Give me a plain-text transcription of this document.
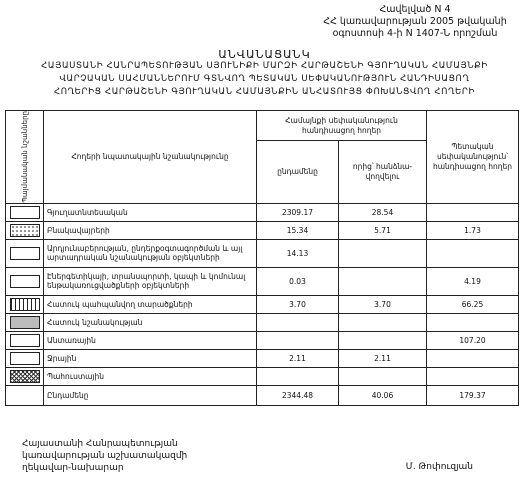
Հավելված N 4
ՀՀ կառավարության 2005 թվականի
օգոստոսի 4-ի N 1407-Ն որոշման
ԱՆՎԱՆԱՑԱՆԿ
ՀԱՅԱՍՏԱՆԻ ՀԱՆՐԱՊԵՏՈՒԹՅԱՆ ՍՅՈՒՆԻՔԻ ՄԱՐԶԻ ՀԱՐԹԱՇԵՆԻ ԳՅՈՒՂԱԿԱՆ ՀԱՄԱՅՆՔԻ
ՎԱՐՉԱԿԱՆ ՍԱՀՄԱՆՆԵՐՈՒՄ ԳՏՆՎՈՂ ՊԵՏԱԿԱՆ ՍԵՓԱԿԱՆՈՒԹՅՈՒՆ ՀԱՆԴԻՍԱՑՈՂ
ՀՈՂԵՐԻՑ ՀԱՐԹԱՇԵՆԻ ԳՅՈՒՂԱԿԱՆ ՀԱՄԱՅՆՔԻՆ ԱՆՀԱՏՈՒՅՑ ՓՈԽԱՆՑՎՈՂ ՀՈՂԵՐԻ
Պայմանական նշանները	Հողերի նպատակային նշանակությունը	Համայնքի սեփականություն հանդիսացող հողեր		Պետական սեփականություն՝ հանդիսացող հողեր
		ընդամենը	որից՝ հանձնա-վողվելու	
	Գյուղատնտեսական	2309.17	28.54	
	Բնակավայրերի	15.34	5.71	1.73
	Արդյունաբերության, ընդերքօգտագործման և այլ արտադրական նշանակության օբյեկտների	14.13		
	Էներգետիկայի, տրանսպորտի, կապի և կոմունալ ենթակառուցվածքների օբյեկտների	0.03		4.19
	Հատուկ պահպանվող տարածքների	3.70	3.70	66.25
	Հատուկ նշանակության			
	Անտառային			107.20
	Ջրային	2.11	2.11	
	Պահուստային			
	Ընդամենը	2344.48	40.06	179.37
Հայաստանի Հանրապետության
կառավարության աշխատակազմի
ղեկավար-նախարար	Մ. Թոփուզյան
